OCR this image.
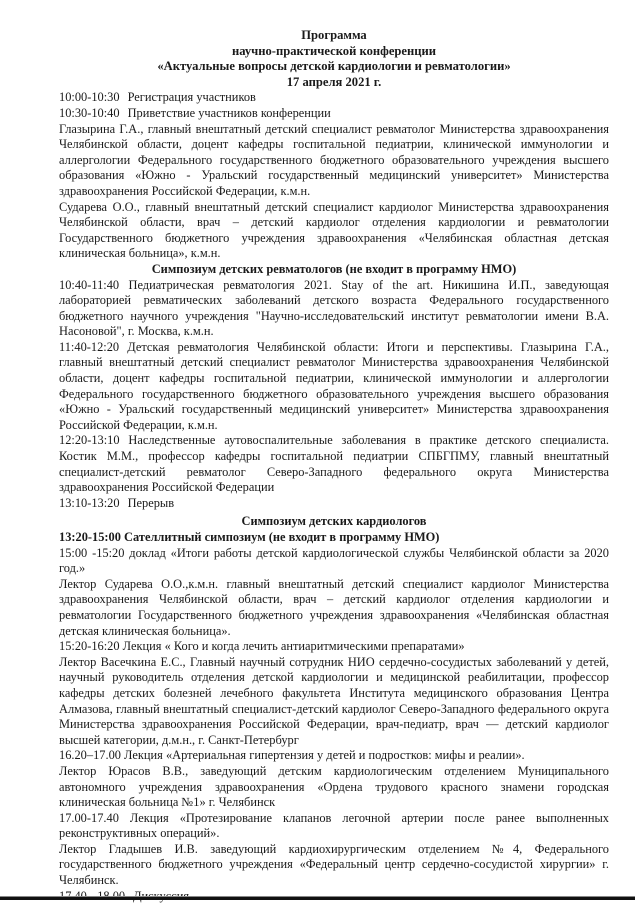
Программа
научно-практической конференции
«Актуальные вопросы детской кардиологии и ревматологии»
17 апреля 2021 г.
10:00-10:30 Регистрация участников
10:30-10:40 Приветствие участников конференции

Глазырина Г.А., главный внештатный детский специалист ревматолог Министерства здравоохранения Челябинской области, доцент кафедры госпитальной педиатрии, клинической иммунологии и аллергологии Федерального государственного бюджетного образовательного учреждения высшего образования «Южно - Уральский государственный медицинский университет» Министерства здравоохранения Российской Федерации, к.м.н.

Сударева О.О., главный внештатный детский специалист кардиолог Министерства здравоохранения Челябинской области, врач – детский кардиолог отделения кардиологии и ревматологии Государственного бюджетного учреждения здравоохранения «Челябинская областная детская клиническая больница», к.м.н.

Симпозиум детских ревматологов (не входит в программу НМО)

10:40-11:40 Педиатрическая ревматология 2021. Stay of the art. Никишина И.П., заведующая лабораторией ревматических заболеваний детского возраста Федерального государственного бюджетного научного учреждения "Научно-исследовательский институт ревматологии имени В.А. Насоновой", г. Москва, к.м.н.

11:40-12:20 Детская ревматология Челябинской области: Итоги и перспективы. Глазырина Г.А., главный внештатный детский специалист ревматолог Министерства здравоохранения Челябинской области, доцент кафедры госпитальной педиатрии, клинической иммунологии и аллергологии Федерального государственного бюджетного образовательного учреждения высшего образования «Южно - Уральский государственный медицинский университет» Министерства здравоохранения Российской Федерации, к.м.н.

12:20-13:10 Наследственные аутовоспалительные заболевания в практике детского специалиста. Костик М.М., профессор кафедры госпитальной педиатрии СПБГПМУ, главный внештатный специалист-детский ревматолог Северо-Западного федерального округа Министерства здравоохранения Российской Федерации

13:10-13:20 Перерыв
Симпозиум детских кардиологов
13:20-15:00 Сателлитный симпозиум (не входит в программу НМО)

15:00 -15:20 доклад «Итоги работы детской кардиологической службы Челябинской области за 2020 год.»

Лектор Сударева О.О.,к.м.н. главный внештатный детский специалист кардиолог Министерства здравоохранения Челябинской области, врач – детский кардиолог отделения кардиологии и ревматологии Государственного бюджетного учреждения здравоохранения «Челябинская областная детская клиническая больница».

15:20-16:20 Лекция « Кого и когда лечить антиаритмическими препаратами»

Лектор Васечкина Е.С., Главный научный сотрудник НИО сердечно-сосудистых заболеваний у детей, научный руководитель отделения детской кардиологии и медицинской реабилитации, профессор кафедры детских болезней лечебного факультета Института медицинского образования Центра Алмазова, главный внештатный специалист-детский кардиолог Северо-Западного федерального округа Министерства здравоохранения Российской Федерации, врач-педиатр, врач — детский кардиолог высшей категории, д.м.н., г. Санкт-Петербург

16.20–17.00 Лекция «Артериальная гипертензия у детей и подростков: мифы и реалии».

Лектор Юрасов В.В., заведующий детским кардиологическим отделением Муниципального автономного учреждения здравоохранения «Ордена трудового красного знамени городская клиническая больница №1» г. Челябинск

17.00-17.40 Лекция «Протезирование клапанов легочной артерии после ранее выполненных реконструктивных операций».

Лектор Гладышев И.В. заведующий кардиохирургическим отделением №4, Федерального государственного бюджетного учреждения «Федеральный центр сердечно-сосудистой хирургии» г. Челябинск.
